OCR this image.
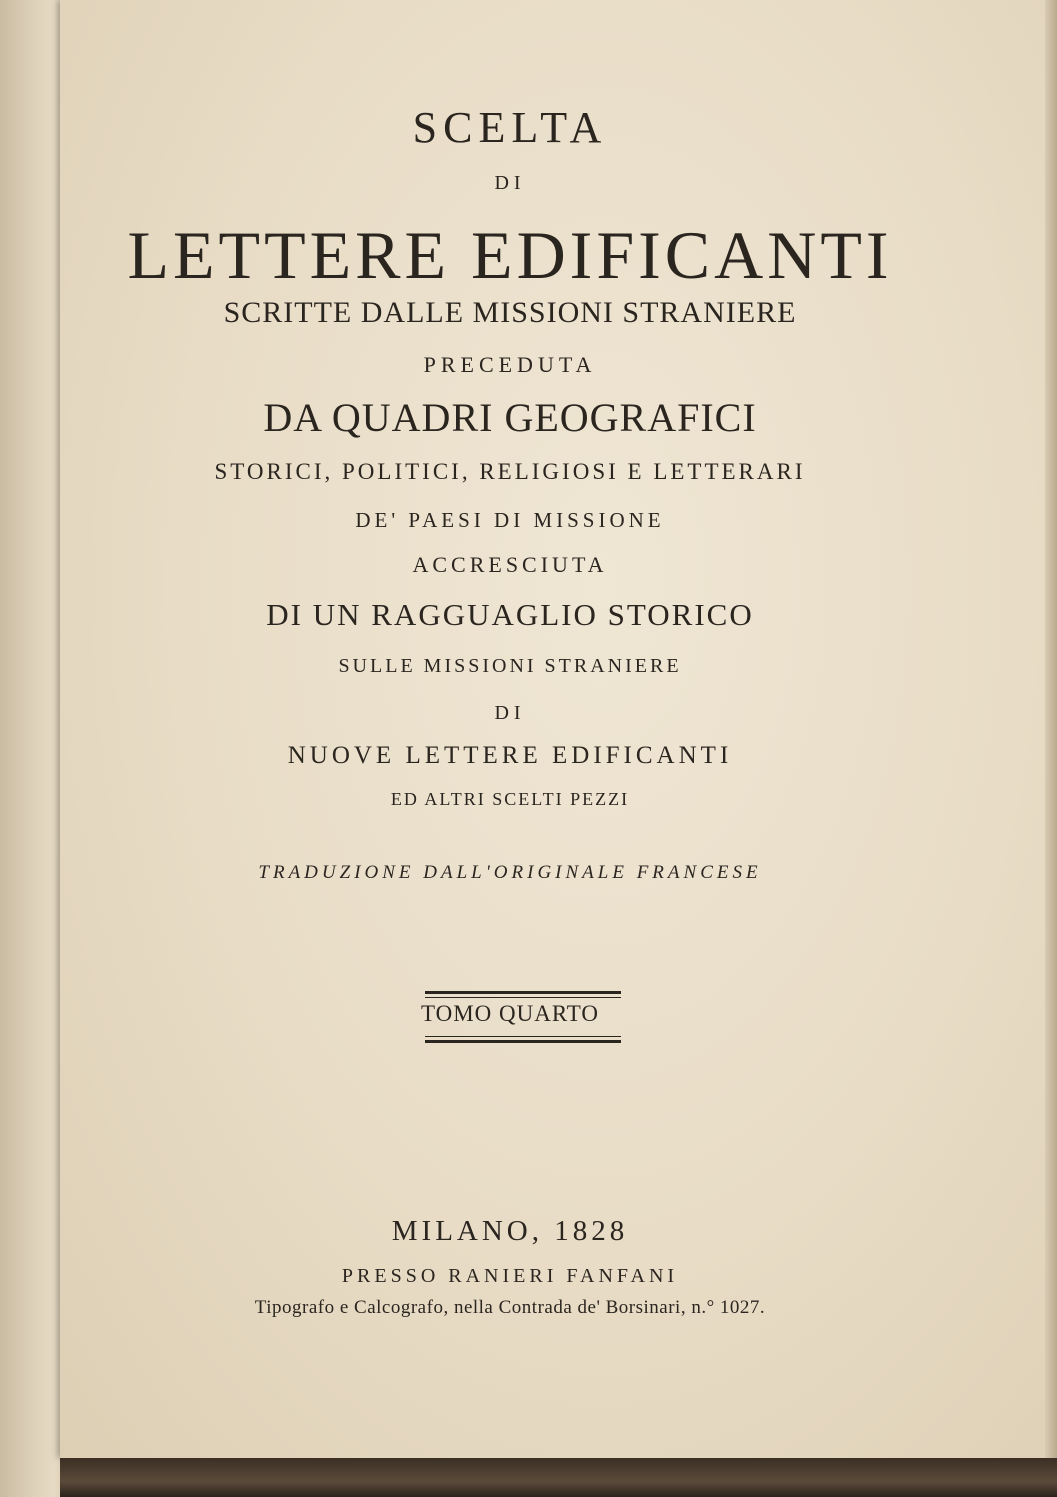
SCELTA
DI
LETTERE EDIFICANTI
SCRITTE DALLE MISSIONI STRANIERE
PRECEDUTA
DA QUADRI GEOGRAFICI
STORICI, POLITICI, RELIGIOSI E LETTERARI
DE' PAESI DI MISSIONE
ACCRESCIUTA
DI UN RAGGUAGLIO STORICO
SULLE MISSIONI STRANIERE
DI
NUOVE LETTERE EDIFICANTI
ED ALTRI SCELTI PEZZI
TRADUZIONE DALL'ORIGINALE FRANCESE
TOMO QUARTO
MILANO, 1828
PRESSO RANIERI FANFANI
Tipografo e Calcografo, nella Contrada de' Borsinari, n.° 1027.
